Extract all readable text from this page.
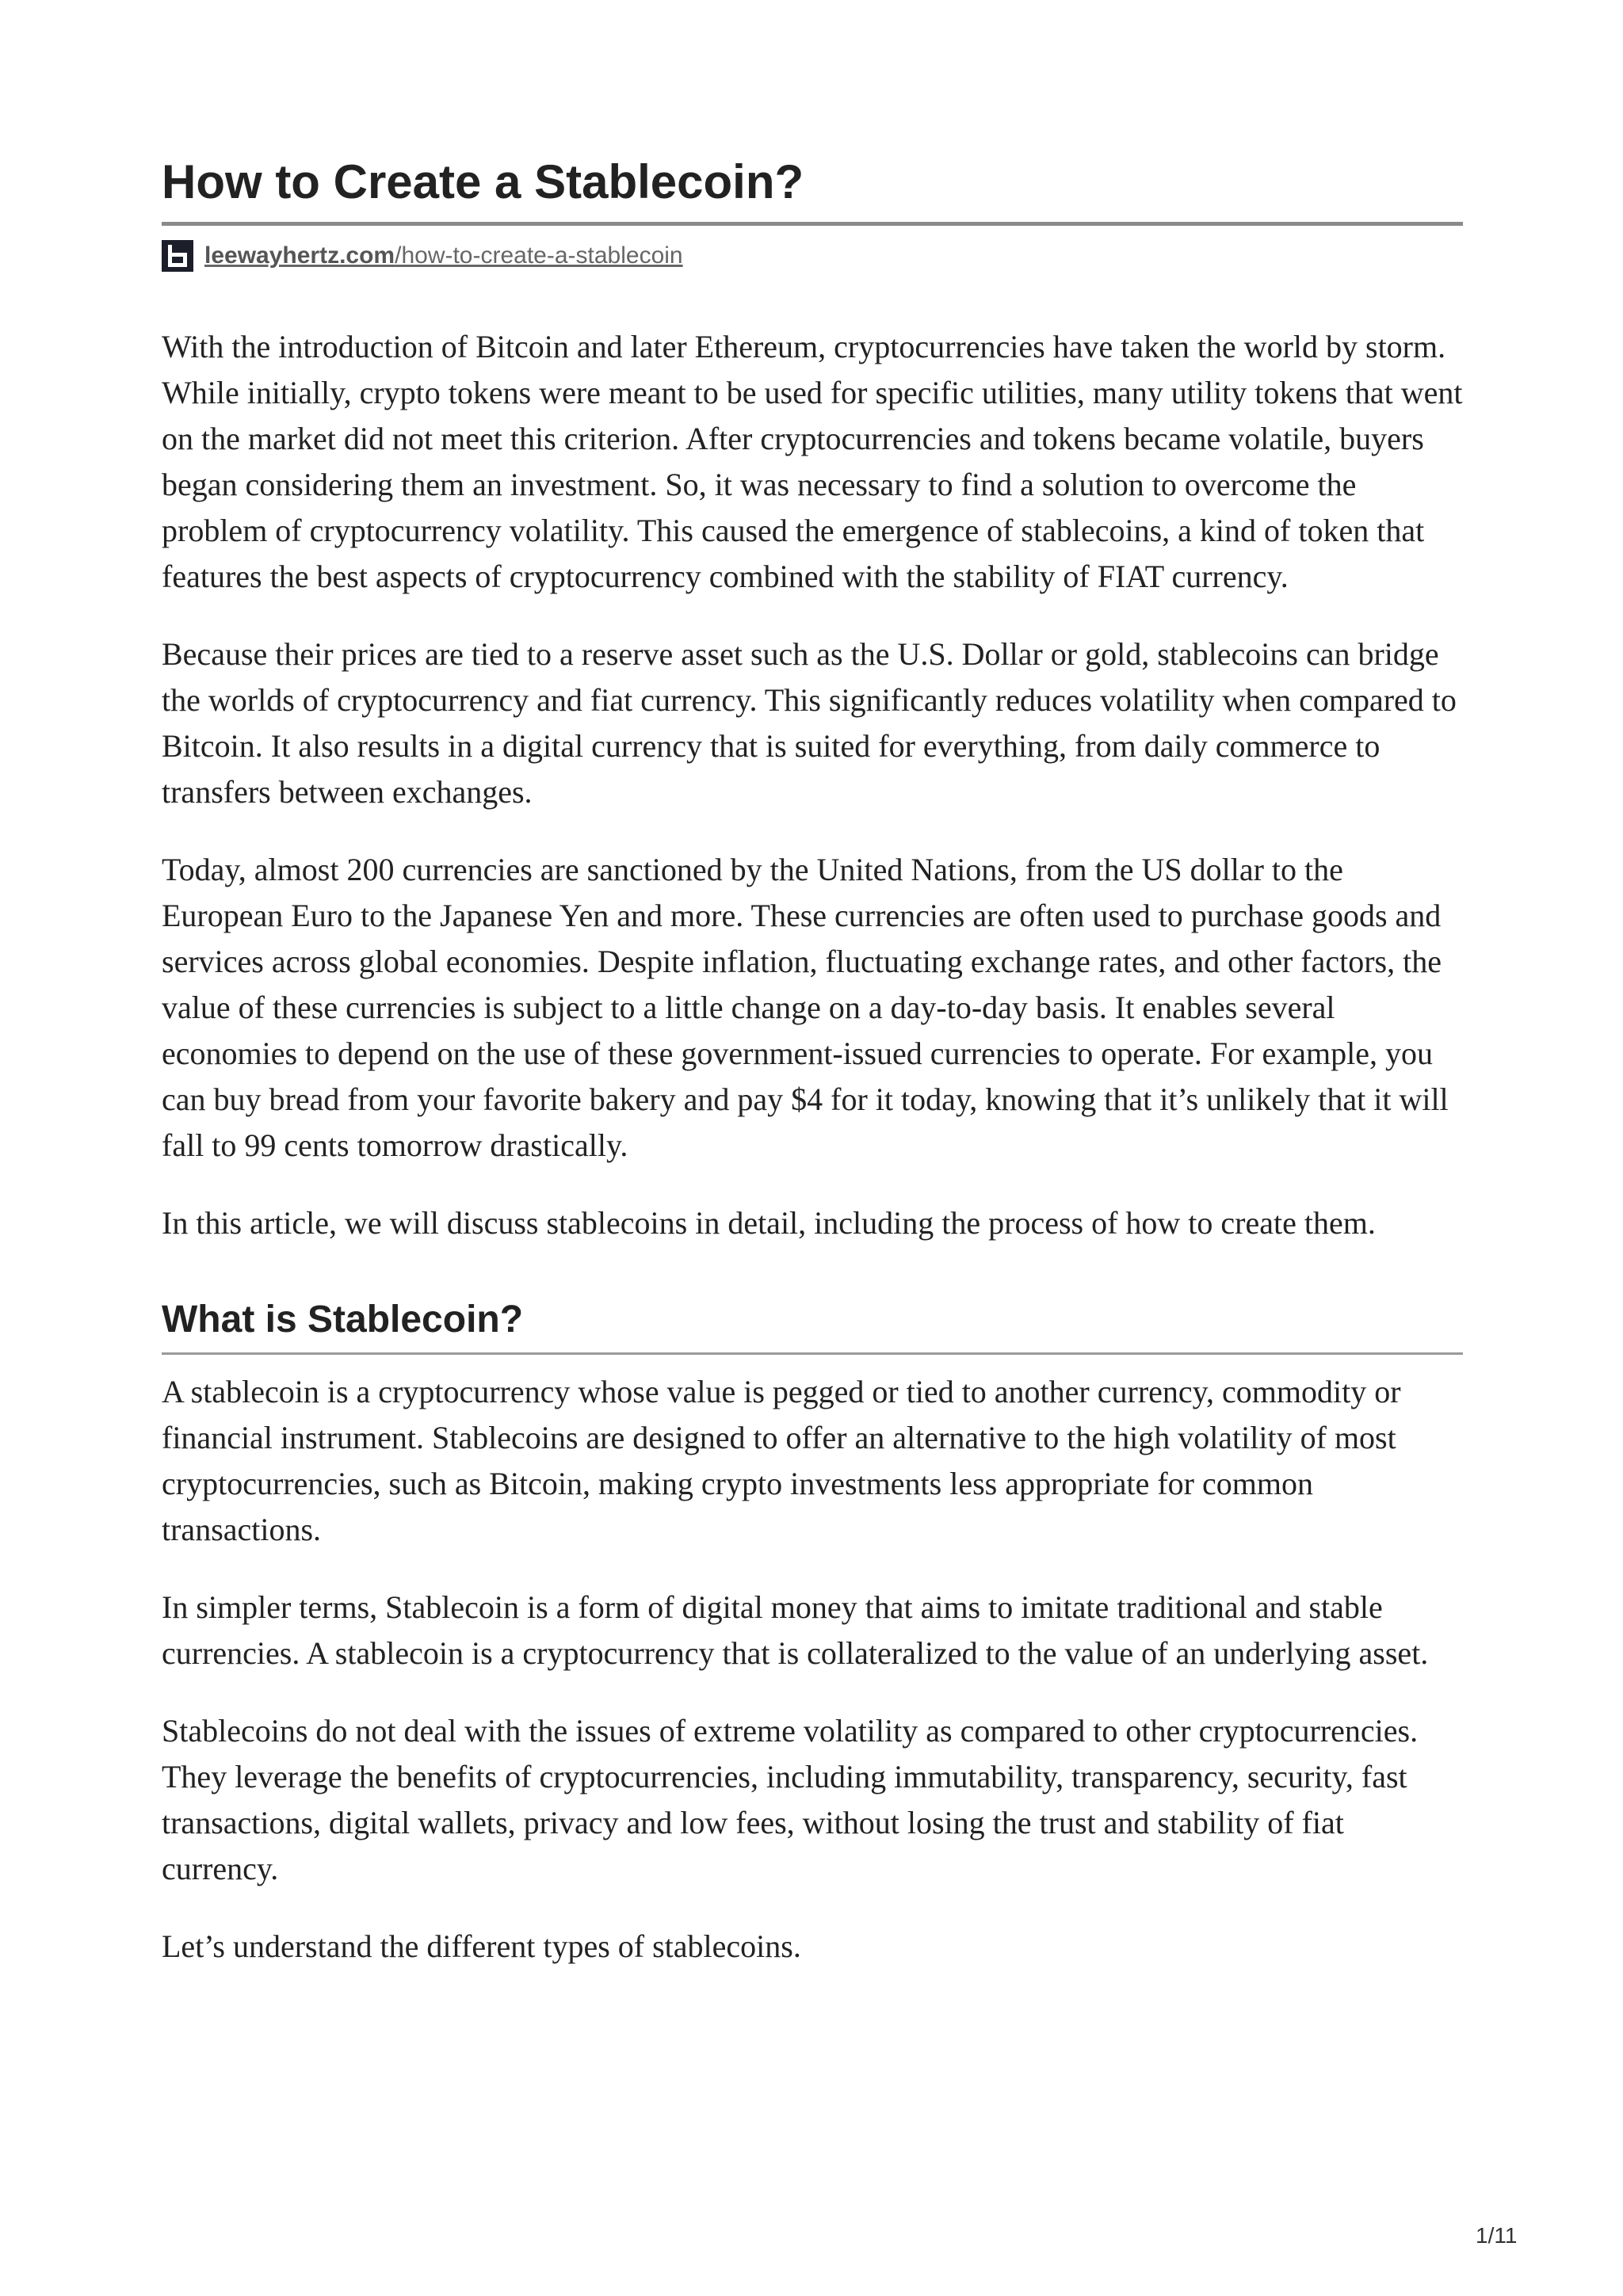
How to Create a Stablecoin?
leewayhertz.com/how-to-create-a-stablecoin

With the introduction of Bitcoin and later Ethereum, cryptocurrencies have taken the world by storm. While initially, crypto tokens were meant to be used for specific utilities, many utility tokens that went on the market did not meet this criterion. After cryptocurrencies and tokens became volatile, buyers began considering them an investment. So, it was necessary to find a solution to overcome the problem of cryptocurrency volatility. This caused the emergence of stablecoins, a kind of token that features the best aspects of cryptocurrency combined with the stability of FIAT currency.

Because their prices are tied to a reserve asset such as the U.S. Dollar or gold, stablecoins can bridge the worlds of cryptocurrency and fiat currency. This significantly reduces volatility when compared to Bitcoin. It also results in a digital currency that is suited for everything, from daily commerce to transfers between exchanges.

Today, almost 200 currencies are sanctioned by the United Nations, from the US dollar to the European Euro to the Japanese Yen and more. These currencies are often used to purchase goods and services across global economies. Despite inflation, fluctuating exchange rates, and other factors, the value of these currencies is subject to a little change on a day-to-day basis. It enables several economies to depend on the use of these government-issued currencies to operate. For example, you can buy bread from your favorite bakery and pay $4 for it today, knowing that it’s unlikely that it will fall to 99 cents tomorrow drastically.

In this article, we will discuss stablecoins in detail, including the process of how to create them.

What is Stablecoin?

A stablecoin is a cryptocurrency whose value is pegged or tied to another currency, commodity or financial instrument. Stablecoins are designed to offer an alternative to the high volatility of most cryptocurrencies, such as Bitcoin, making crypto investments less appropriate for common transactions.

In simpler terms, Stablecoin is a form of digital money that aims to imitate traditional and stable currencies. A stablecoin is a cryptocurrency that is collateralized to the value of an underlying asset.

Stablecoins do not deal with the issues of extreme volatility as compared to other cryptocurrencies. They leverage the benefits of cryptocurrencies, including immutability, transparency, security, fast transactions, digital wallets, privacy and low fees, without losing the trust and stability of fiat currency.

Let’s understand the different types of stablecoins.

1/11
